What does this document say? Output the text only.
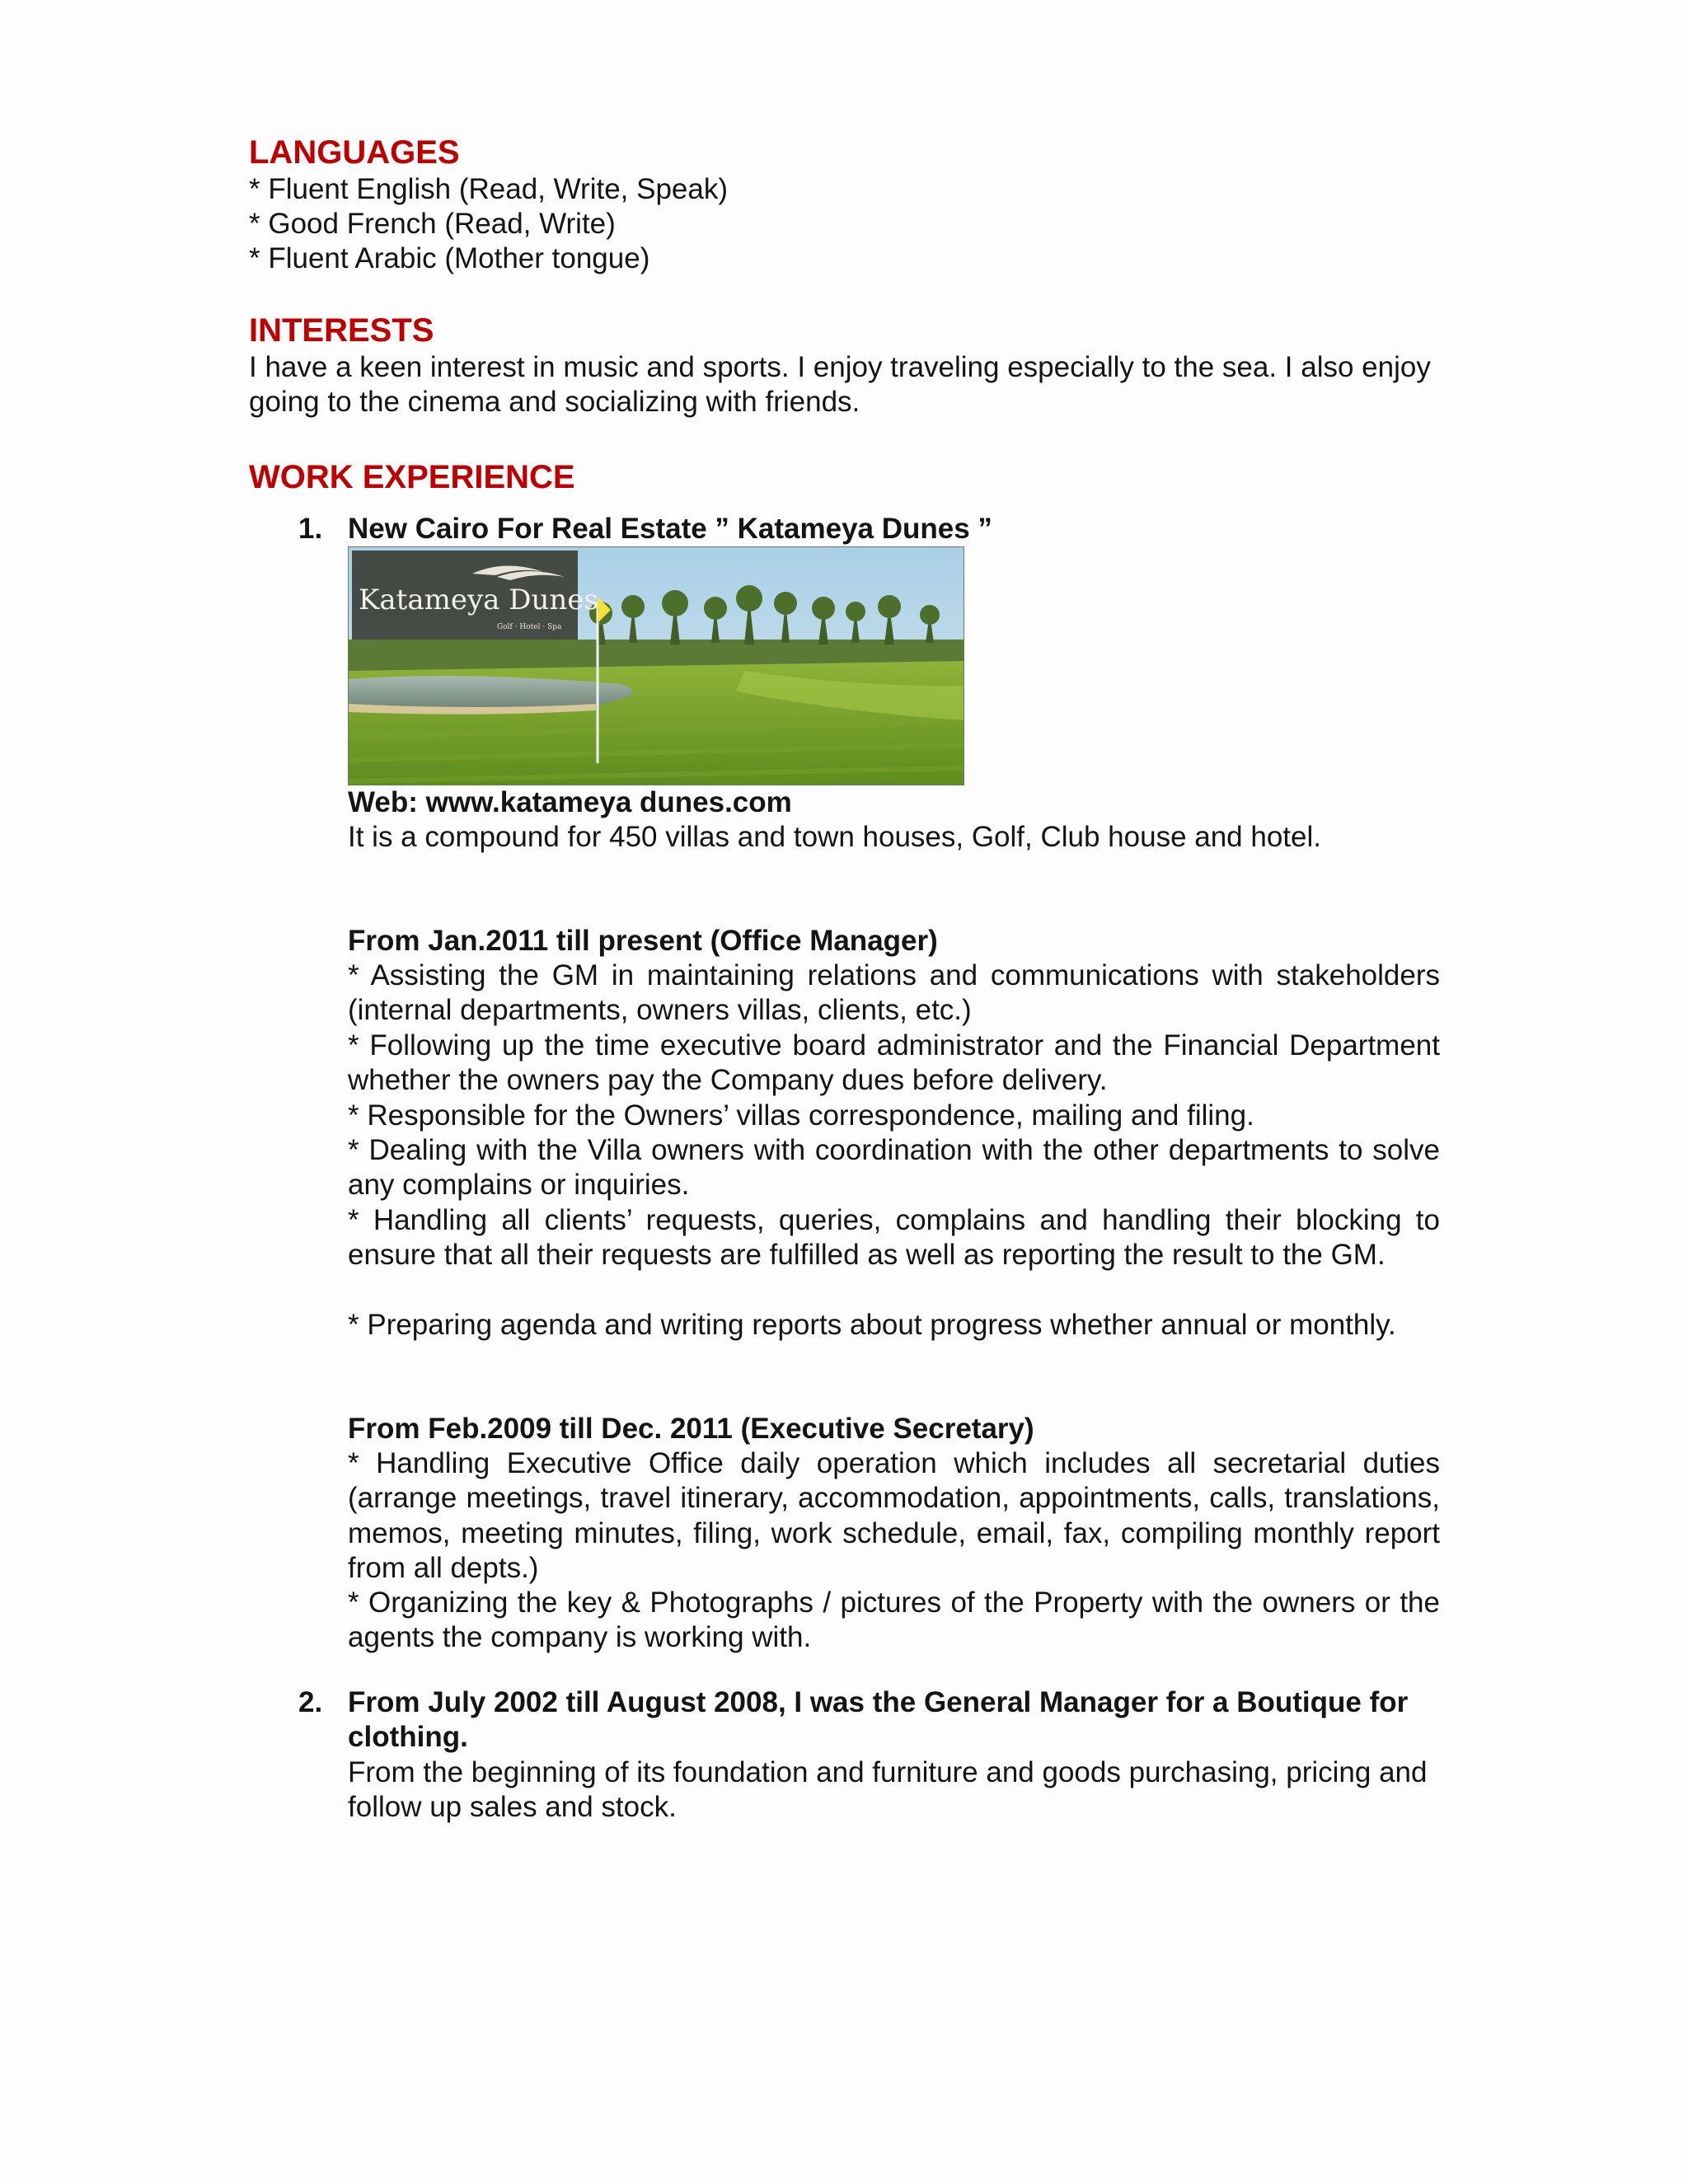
LANGUAGES

* Fluent English (Read, Write, Speak)

* Good French (Read, Write)

* Fluent Arabic (Mother tongue)

INTERESTS

I have a keen interest in music and sports. I enjoy traveling especially to the sea. I also enjoy going to the cinema and socializing with friends.

WORK EXPERIENCE

1. New Cairo For Real Estate ” Katameya Dunes ”

Katameya Dunes
Golf · Hotel · Spa

Web: www.katameya dunes.com

It is a compound for 450 villas and town houses, Golf, Club house and hotel.

From Jan.2011 till present (Office Manager)

* Assisting the GM in maintaining relations and communications with stakeholders (internal departments, owners villas, clients, etc.)

* Following up the time executive board administrator and the Financial Department whether the owners pay the Company dues before delivery.

* Responsible for the Owners’ villas correspondence, mailing and filing.

* Dealing with the Villa owners with coordination with the other departments to solve any complains or inquiries.

* Handling all clients’ requests, queries, complains and handling their blocking to ensure that all their requests are fulfilled as well as reporting the result to the GM.

* Preparing agenda and writing reports about progress whether annual or monthly.

From Feb.2009 till Dec. 2011 (Executive Secretary)

* Handling Executive Office daily operation which includes all secretarial duties (arrange meetings, travel itinerary, accommodation, appointments, calls, translations, memos, meeting minutes, filing, work schedule, email, fax, compiling monthly report from all depts.)

* Organizing the key & Photographs / pictures of the Property with the owners or the agents the company is working with.

2. From July 2002 till August 2008, I was the General Manager for a Boutique for clothing.

From the beginning of its foundation and furniture and goods purchasing, pricing and follow up sales and stock.
